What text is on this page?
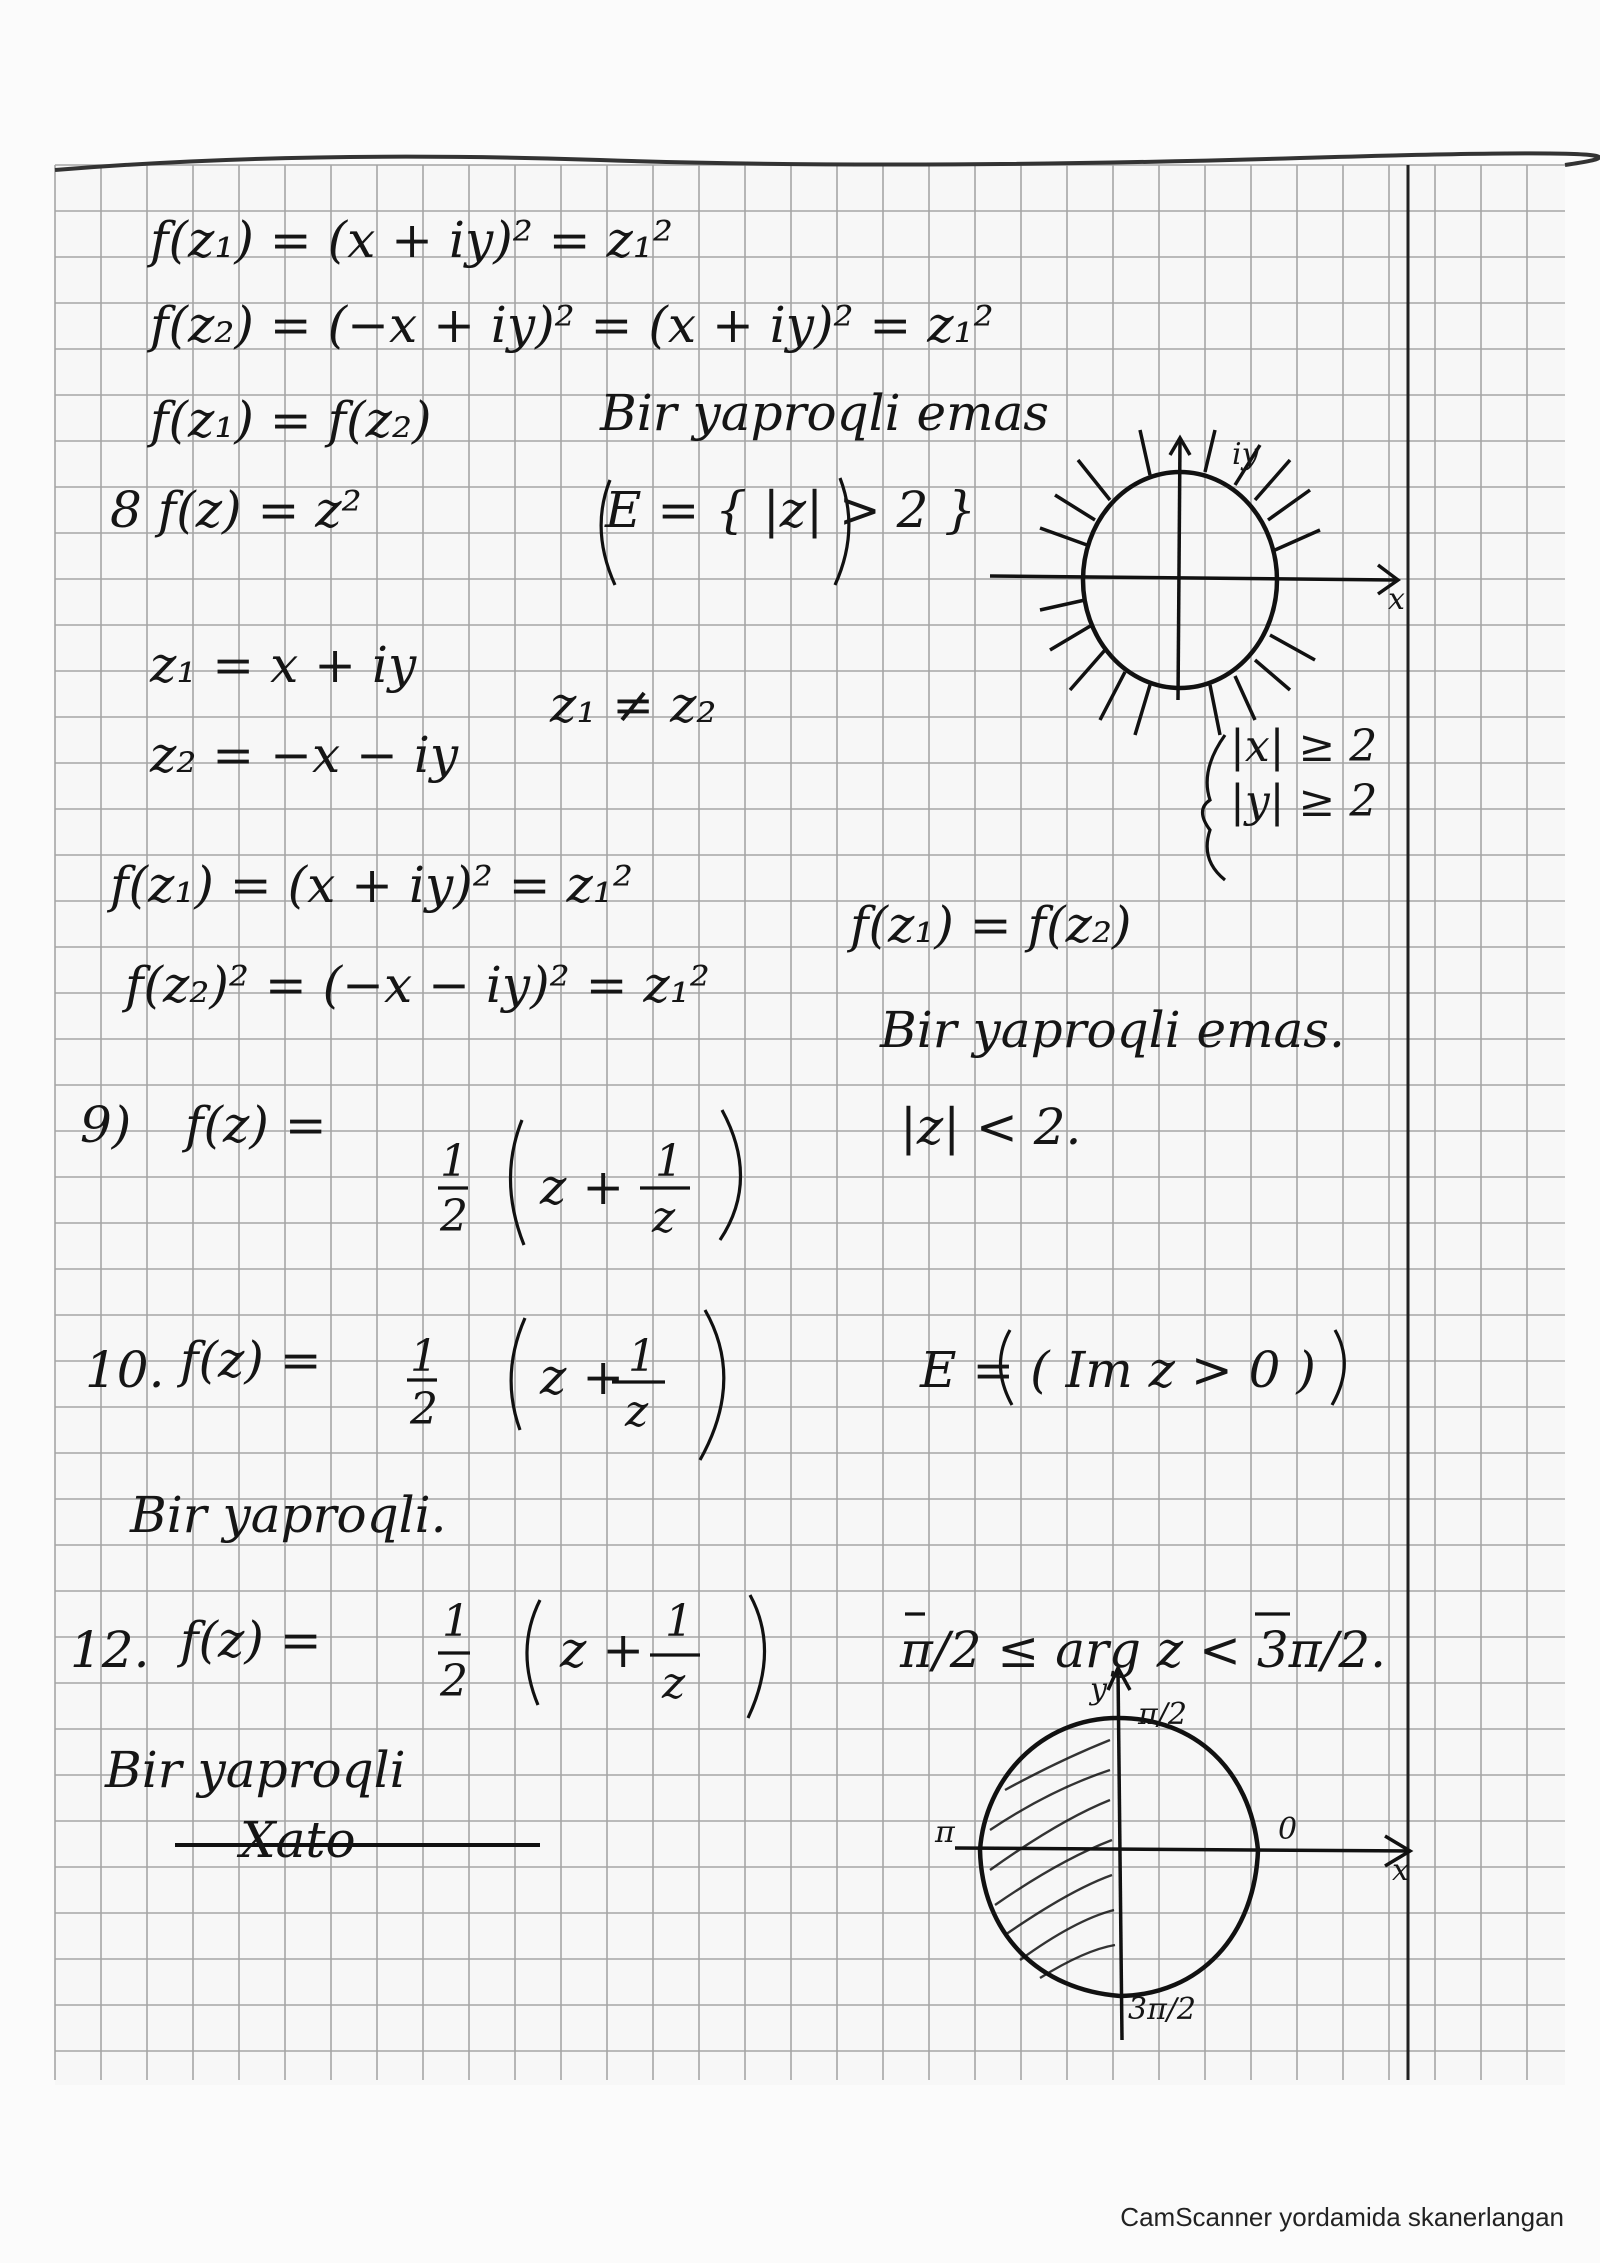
f(z₁) = (x + iy)² = z₁²
f(z₂) = (−x + iy)² = (x + iy)² = z₁²
f(z₁) = f(z₂)	Bir yaprоqli emas
8 f(z) = z²	E = { |z| > 2 }
iy
x
z₁ = x + iy
z₁ ≠ z₂
z₂ = −x − iy	|x| ≥ 2
|y| ≥ 2
f(z₁) = (x + iy)² = z₁²
f(z₁) = f(z₂)
f(z₂)² = (−x − iy)² = z₁²
Bir yaprоqli emas.
9) f(z) =
1
2
z + 1
z
|z| < 2.
10. f(z) = 1
2
z + 1
z
E = ( Im z > 0 )
Bir yaprоqli.
12. f(z) =	1
2
z + 1
z
π/2 ≤ arg z < 3π/2.
π/2
3π/2
π	0
x
y
Bir yaprоqli
Xato
CamScanner yordamida skanerlangan
